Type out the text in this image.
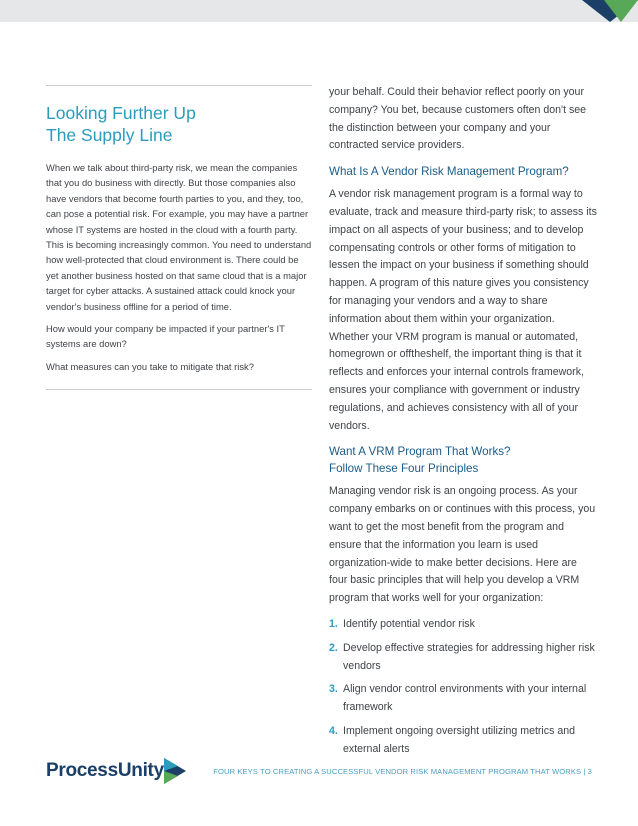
Looking Further Up
The Supply Line

When we talk about third-party risk, we mean the companies that you do business with directly. But those companies also have vendors that become fourth parties to you, and they, too, can pose a potential risk. For example, you may have a partner whose IT systems are hosted in the cloud with a fourth party. This is becoming increasingly common. You need to understand how well-protected that cloud environment is. There could be yet another business hosted on that same cloud that is a major target for cyber attacks. A sustained attack could knock your vendor's business offline for a period of time.

How would your company be impacted if your partner's IT systems are down?

What measures can you take to mitigate that risk?

your behalf. Could their behavior reflect poorly on your company? You bet, because customers often don't see the distinction between your company and your contracted service providers.

What Is A Vendor Risk Management Program?

A vendor risk management program is a formal way to evaluate, track and measure third-party risk; to assess its impact on all aspects of your business; and to develop compensating controls or other forms of mitigation to lessen the impact on your business if something should happen. A program of this nature gives you consistency for managing your vendors and a way to share information about them within your organization. Whether your VRM program is manual or automated, homegrown or offtheshelf, the important thing is that it reflects and enforces your internal controls framework, ensures your compliance with government or industry regulations, and achieves consistency with all of your vendors.

Want A VRM Program That Works?
Follow These Four Principles

Managing vendor risk is an ongoing process. As your company embarks on or continues with this process, you want to get the most benefit from the program and ensure that the information you learn is used organization-wide to make better decisions. Here are four basic principles that will help you develop a VRM program that works well for your organization:

1. Identify potential vendor risk
2. Develop effective strategies for addressing higher risk vendors
3. Align vendor control environments with your internal framework
4. Implement ongoing oversight utilizing metrics and external alerts
ProcessUnity	FOUR KEYS TO CREATING A SUCCESSFUL VENDOR RISK MANAGEMENT PROGRAM THAT WORKS | 3
